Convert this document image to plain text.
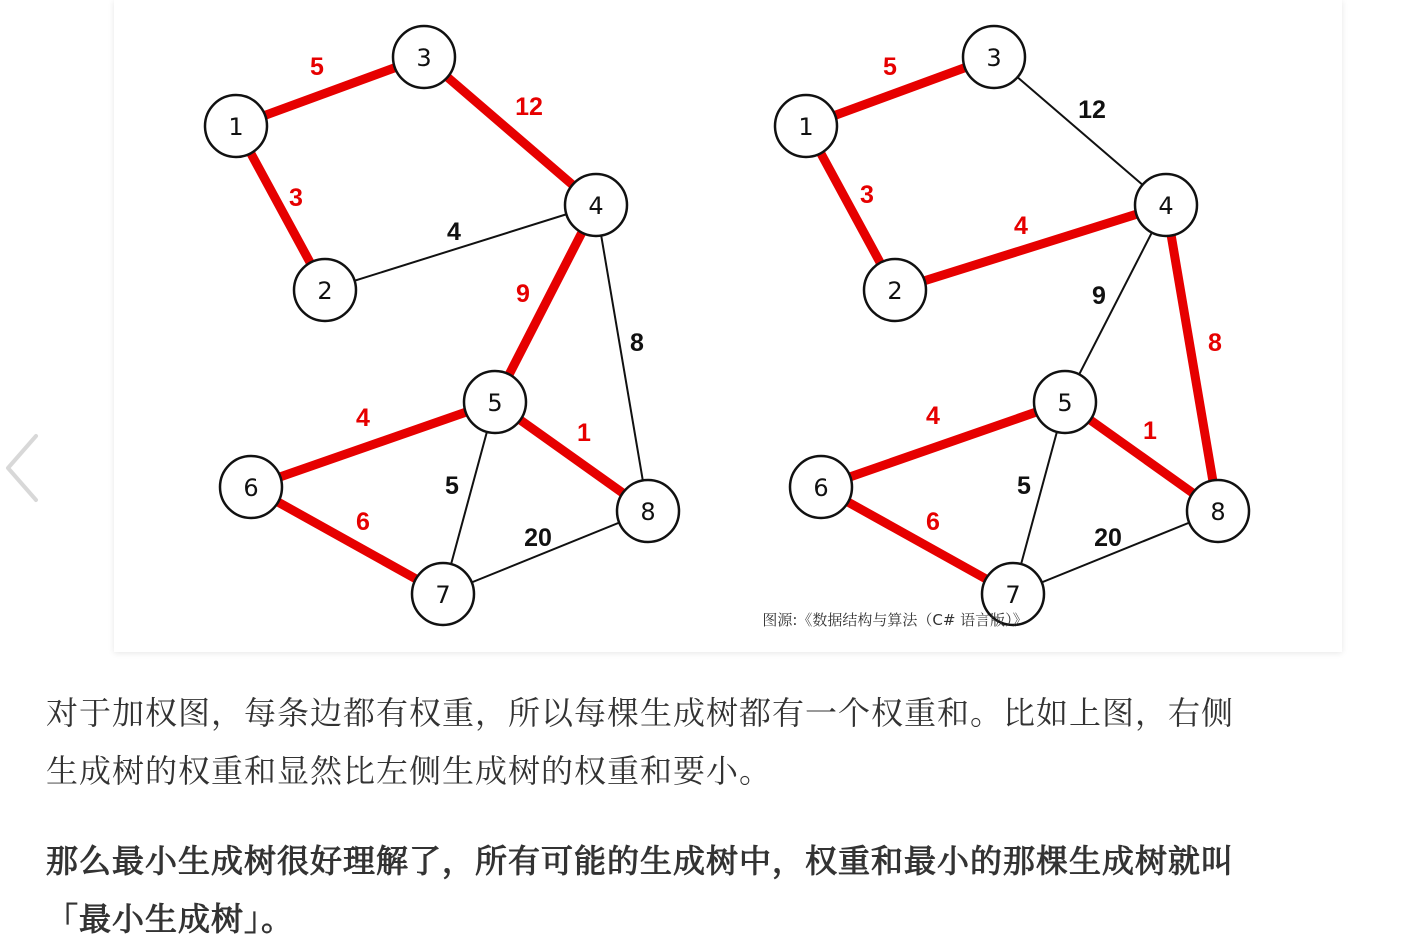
5
12
3
4
9
8
4
1
5
6
20
1
2
3
4
5
6
7
8
5
12
3
4
9
8
4
1
5
6
20
1
2
3
4
5
6
7
8
图源:《数据结构与算法（C# 语言版）》

对于加权图，每条边都有权重，所以每棵生成树都有一个权重和。比如上图，右侧
生成树的权重和显然比左侧生成树的权重和要小。

那么最小生成树很好理解了，所有可能的生成树中，权重和最小的那棵生成树就叫
「最小生成树」。
